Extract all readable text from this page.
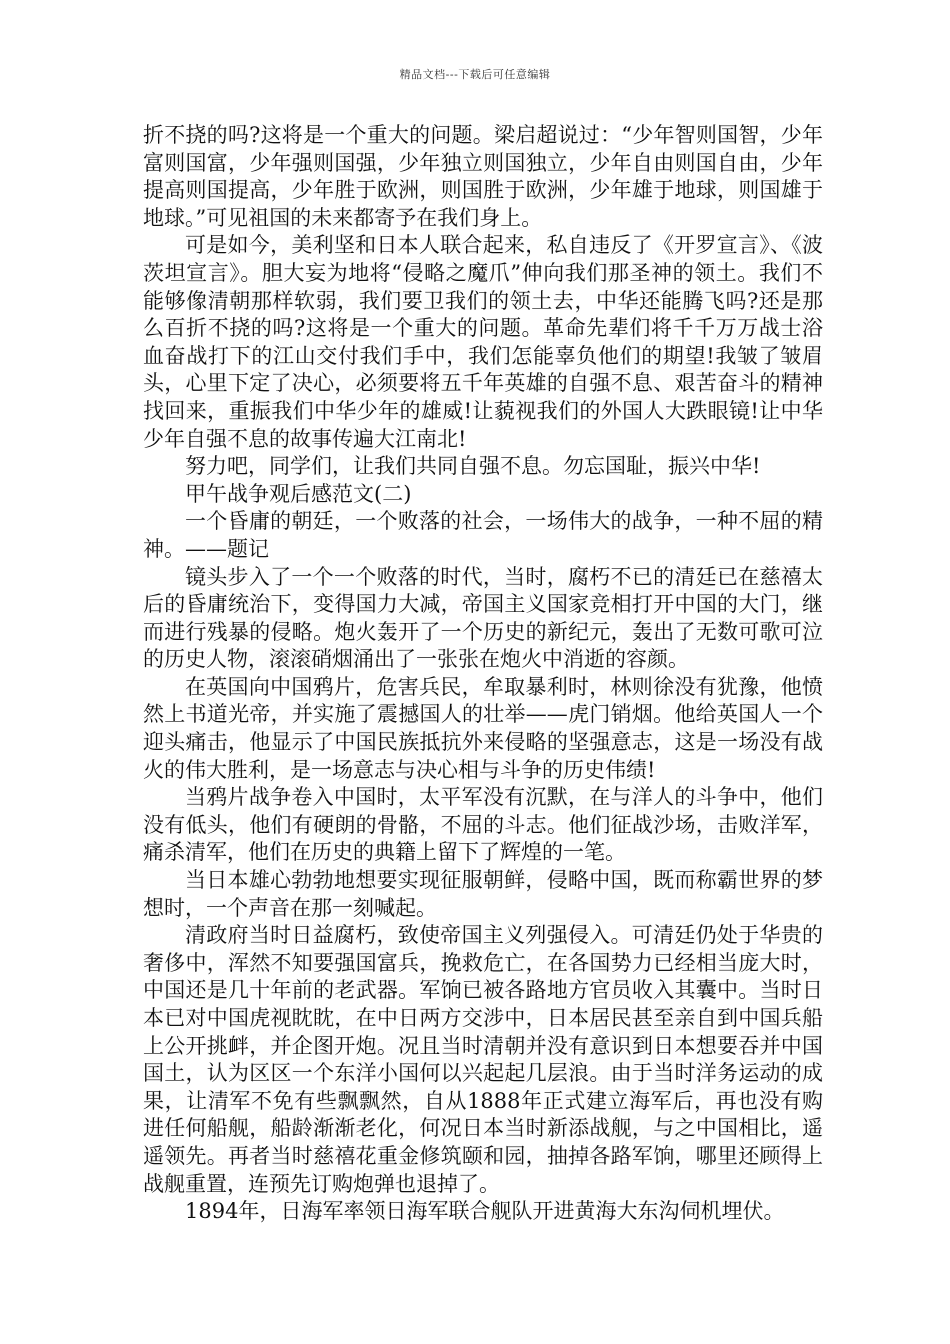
精品文档---下载后可任意编辑

折不挠的吗?这将是一个重大的问题。梁启超说过：“少年智则国智，少年富则国富，少年强则国强，少年独立则国独立，少年自由则国自由，少年提高则国提高，少年胜于欧洲，则国胜于欧洲，少年雄于地球，则国雄于地球。”可见祖国的未来都寄予在我们身上。

可是如今，美利坚和日本人联合起来，私自违反了《开罗宣言》、《波茨坦宣言》。胆大妄为地将“侵略之魔爪”伸向我们那圣神的领土。我们不能够像清朝那样软弱，我们要卫我们的领土去，中华还能腾飞吗?还是那么百折不挠的吗?这将是一个重大的问题。革命先辈们将千千万万战士浴血奋战打下的江山交付我们手中，我们怎能辜负他们的期望!我皱了皱眉头，心里下定了决心，必须要将五千年英雄的自强不息、艰苦奋斗的精神找回来，重振我们中华少年的雄威!让藐视我们的外国人大跌眼镜!让中华少年自强不息的故事传遍大江南北!

努力吧，同学们，让我们共同自强不息。勿忘国耻，振兴中华!

甲午战争观后感范文(二)

一个昏庸的朝廷，一个败落的社会，一场伟大的战争，一种不屈的精神。——题记

镜头步入了一个一个败落的时代，当时，腐朽不已的清廷已在慈禧太后的昏庸统治下，变得国力大减，帝国主义国家竞相打开中国的大门，继而进行残暴的侵略。炮火轰开了一个历史的新纪元，轰出了无数可歌可泣的历史人物，滚滚硝烟涌出了一张张在炮火中消逝的容颜。

在英国向中国鸦片，危害兵民，牟取暴利时，林则徐没有犹豫，他愤然上书道光帝，并实施了震撼国人的壮举——虎门销烟。他给英国人一个迎头痛击，他显示了中国民族抵抗外来侵略的坚强意志，这是一场没有战火的伟大胜利，是一场意志与决心相与斗争的历史伟绩!

当鸦片战争卷入中国时，太平军没有沉默，在与洋人的斗争中，他们没有低头，他们有硬朗的骨骼，不屈的斗志。他们征战沙场，击败洋军，痛杀清军，他们在历史的典籍上留下了辉煌的一笔。

当日本雄心勃勃地想要实现征服朝鲜，侵略中国，既而称霸世界的梦想时，一个声音在那一刻喊起。

清政府当时日益腐朽，致使帝国主义列强侵入。可清廷仍处于华贵的奢侈中，浑然不知要强国富兵，挽救危亡，在各国势力已经相当庞大时，中国还是几十年前的老武器。军饷已被各路地方官员收入其囊中。当时日本已对中国虎视眈眈，在中日两方交涉中，日本居民甚至亲自到中国兵船上公开挑衅，并企图开炮。况且当时清朝并没有意识到日本想要吞并中国国土，认为区区一个东洋小国何以兴起起几层浪。由于当时洋务运动的成果，让清军不免有些飘飘然，自从1888年正式建立海军后，再也没有购进任何船舰，船龄渐渐老化，何况日本当时新添战舰，与之中国相比，遥遥领先。再者当时慈禧花重金修筑颐和园，抽掉各路军饷，哪里还顾得上战舰重置，连预先订购炮弹也退掉了。

1894年，日海军率领日海军联合舰队开进黄海大东沟伺机埋伏。
